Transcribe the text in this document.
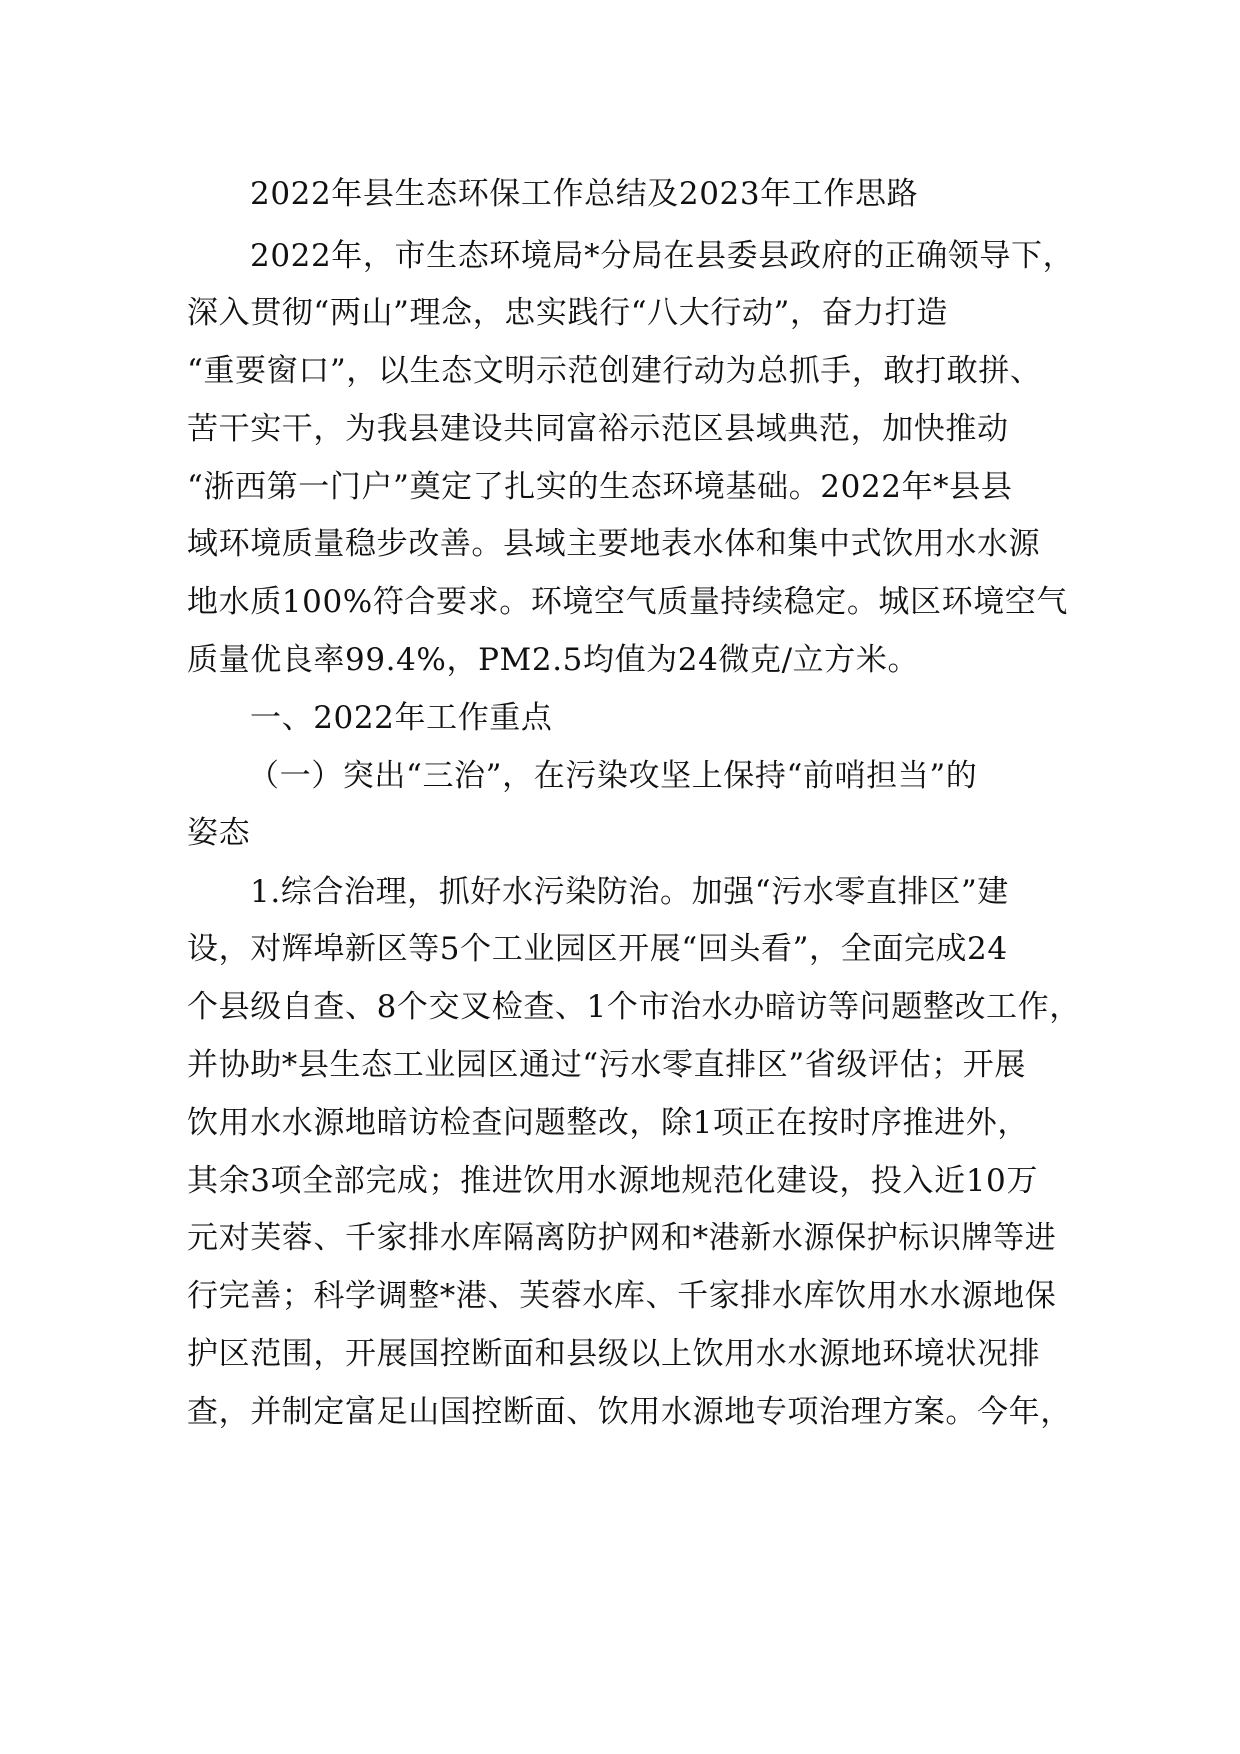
2022年县生态环保工作总结及2023年工作思路
2022年，市生态环境局*分局在县委县政府的正确领导下，
深入贯彻“两山”理念，忠实践行“八大行动”，奋力打造
“重要窗口”，以生态文明示范创建行动为总抓手，敢打敢拼、
苦干实干，为我县建设共同富裕示范区县域典范，加快推动
“浙西第一门户”奠定了扎实的生态环境基础。2022年*县县
域环境质量稳步改善。县域主要地表水体和集中式饮用水水源
地水质100%符合要求。环境空气质量持续稳定。城区环境空气
质量优良率99.4%，PM2.5均值为24微克/立方米。
一、2022年工作重点
（一）突出“三治”，在污染攻坚上保持“前哨担当”的
姿态
1.综合治理，抓好水污染防治。加强“污水零直排区”建
设，对辉埠新区等5个工业园区开展“回头看”，全面完成24
个县级自查、8个交叉检查、1个市治水办暗访等问题整改工作，
并协助*县生态工业园区通过“污水零直排区”省级评估；开展
饮用水水源地暗访检查问题整改，除1项正在按时序推进外，
其余3项全部完成；推进饮用水源地规范化建设，投入近10万
元对芙蓉、千家排水库隔离防护网和*港新水源保护标识牌等进
行完善；科学调整*港、芙蓉水库、千家排水库饮用水水源地保
护区范围，开展国控断面和县级以上饮用水水源地环境状况排
查，并制定富足山国控断面、饮用水源地专项治理方案。今年，
